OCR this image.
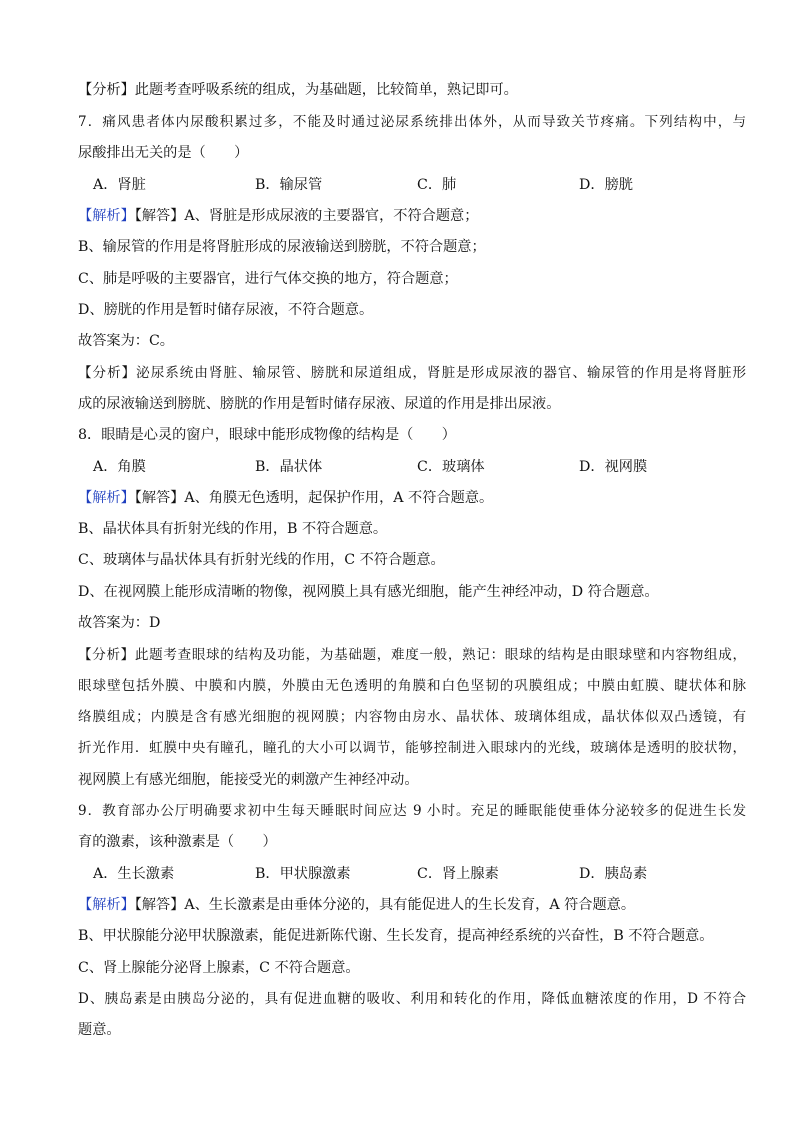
【分析】此题考查呼吸系统的组成，为基础题，比较简单，熟记即可。
7．痛风患者体内尿酸积累过多，不能及时通过泌尿系统排出体外，从而导致关节疼痛。下列结构中，与
尿酸排出无关的是（　　）
A．肾脏	B．输尿管	C．肺	D．膀胱
【解析】【解答】A、肾脏是形成尿液的主要器官，不符合题意；
B、输尿管的作用是将肾脏形成的尿液输送到膀胱，不符合题意；
C、肺是呼吸的主要器官，进行气体交换的地方，符合题意；
D、膀胱的作用是暂时储存尿液，不符合题意。
故答案为：C。
【分析】泌尿系统由肾脏、输尿管、膀胱和尿道组成，肾脏是形成尿液的器官、输尿管的作用是将肾脏形
成的尿液输送到膀胱、膀胱的作用是暂时储存尿液、尿道的作用是排出尿液。
8．眼睛是心灵的窗户，眼球中能形成物像的结构是（　　）
A．角膜	B．晶状体	C．玻璃体	D．视网膜
【解析】【解答】A、角膜无色透明，起保护作用，A 不符合题意。
B、晶状体具有折射光线的作用，B 不符合题意。
C、玻璃体与晶状体具有折射光线的作用，C 不符合题意。
D、在视网膜上能形成清晰的物像，视网膜上具有感光细胞，能产生神经冲动，D 符合题意。
故答案为：D
【分析】此题考查眼球的结构及功能，为基础题，难度一般，熟记：眼球的结构是由眼球壁和内容物组成，
眼球壁包括外膜、中膜和内膜，外膜由无色透明的角膜和白色坚韧的巩膜组成；中膜由虹膜、睫状体和脉
络膜组成；内膜是含有感光细胞的视网膜；内容物由房水、晶状体、玻璃体组成，晶状体似双凸透镜，有
折光作用．虹膜中央有瞳孔，瞳孔的大小可以调节，能够控制进入眼球内的光线，玻璃体是透明的胶状物，
视网膜上有感光细胞，能接受光的刺激产生神经冲动。
9．教育部办公厅明确要求初中生每天睡眠时间应达 9 小时。充足的睡眠能使垂体分泌较多的促进生长发
育的激素，该种激素是（　　）
A．生长激素	B．甲状腺激素	C．肾上腺素	D．胰岛素
【解析】【解答】A、生长激素是由垂体分泌的，具有能促进人的生长发育，A 符合题意。
B、甲状腺能分泌甲状腺激素，能促进新陈代谢、生长发育，提高神经系统的兴奋性，B 不符合题意。
C、肾上腺能分泌肾上腺素，C 不符合题意。
D、胰岛素是由胰岛分泌的，具有促进血糖的吸收、利用和转化的作用，降低血糖浓度的作用，D 不符合
题意。
